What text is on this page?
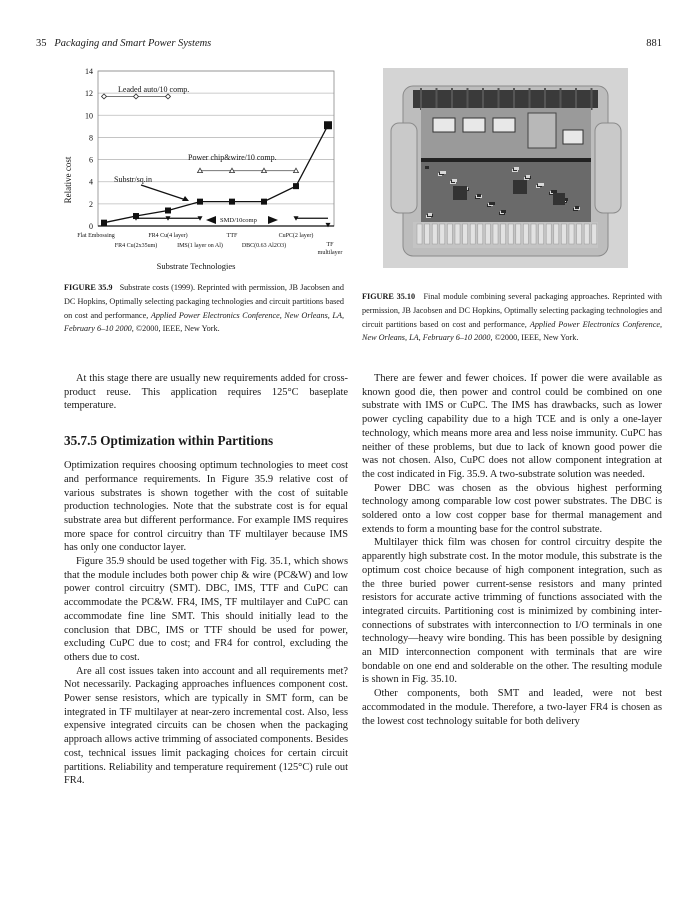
35 Packaging and Smart Power Systems	881
0
2
4
6
8
10
12
14
Flat Embossing
FR4 Cu(2x35um)
FR4 Cu(4 layer)
IMS(1 layer on Al)
TTF
DBC(0.63 Al2O3)
CuPC(2 layer)
TF
multilayer
Leaded auto/10 comp.
Power chip&wire/10 comp.
Substr/sq.in
SMD/10comp
Relative cost
Substrate Technologies
FIGURE 35.9 Substrate costs (1999). Reprinted with permission, JB Jacobsen and DC Hopkins, Optimally selecting packaging technologies and circuit partitions based on cost and performance, Applied Power Electronics Conference, New Orleans, LA, February 6–10 2000, ©2000, IEEE, New York.
FIGURE 35.10 Final module combining several packaging approaches. Reprinted with permission, JB Jacobsen and DC Hopkins, Optimally selecting packaging technologies and circuit partitions based on cost and performance, Applied Power Electronics Conference, New Orleans, LA, February 6–10 2000, ©2000, IEEE, New York.

At this stage there are usually new requirements added for cross-product reuse. This application requires 125°C baseplate temperature.

35.7.5 Optimization within Partitions

Optimization requires choosing optimum technologies to meet cost and performance requirements. In Figure 35.9 relative cost of various substrates is shown together with the cost of suitable production technologies. Note that the substrate cost is for equal substrate area but different performance. For example IMS requires more space for control circuitry than TF multilayer because IMS has only one conductor layer.

Figure 35.9 should be used together with Fig. 35.1, which shows that the module includes both power chip & wire (PC&W) and low power control circuitry (SMT). DBC, IMS, TTF and CuPC can accommodate the PC&W. FR4, IMS, TF multilayer and CuPC can accommodate fine line SMT. This should initially lead to the conclusion that DBC, IMS or TTF should be used for power, excluding CuPC due to cost; and FR4 for control, excluding the others due to cost.

Are all cost issues taken into account and all requirements met? Not necessarily. Packaging approaches influences component cost. Power sense resistors, which are typically in SMT form, can be integrated in TF multilayer at near-zero incremental cost. Also, less expensive integrated circuits can be chosen when the packaging approach allows active trimming of associated components. Besides cost, technical issues limit packaging choices for certain circuit partitions. Reliability and temperature requirement (125°C) rule out FR4.

There are fewer and fewer choices. If power die were available as known good die, then power and control could be combined on one substrate with IMS or CuPC. The IMS has drawbacks, such as lower power cycling capability due to a high TCE and is only a one-layer technology, which means more area and less noise immunity. CuPC has neither of these problems, but due to lack of known good power die was not chosen. Also, CuPC does not allow component integration at the cost indicated in Fig. 35.9. A two-substrate solution was needed.

Power DBC was chosen as the obvious highest performing technology among comparable low cost power substrates. The DBC is soldered onto a low cost copper base for thermal management and extends to form a mounting base for the control substrate.

Multilayer thick film was chosen for control circuitry despite the apparently high substrate cost. In the motor module, this substrate is the optimum cost choice because of high component integration, such as the three buried power current-sense resistors and many printed resistors for accurate active trimming of functions associated with the integrated circuits. Partitioning cost is minimized by combining interconnections of substrates with interconnection to I/O terminals in one technology—heavy wire bonding. This has been possible by designing an MID interconnection component with terminals that are wire bondable on one end and solderable on the other. The resulting module is shown in Fig. 35.10.

Other components, both SMT and leaded, were not best accommodated in the module. Therefore, a two-layer FR4 is chosen as the lowest cost technology suitable for both delivery
